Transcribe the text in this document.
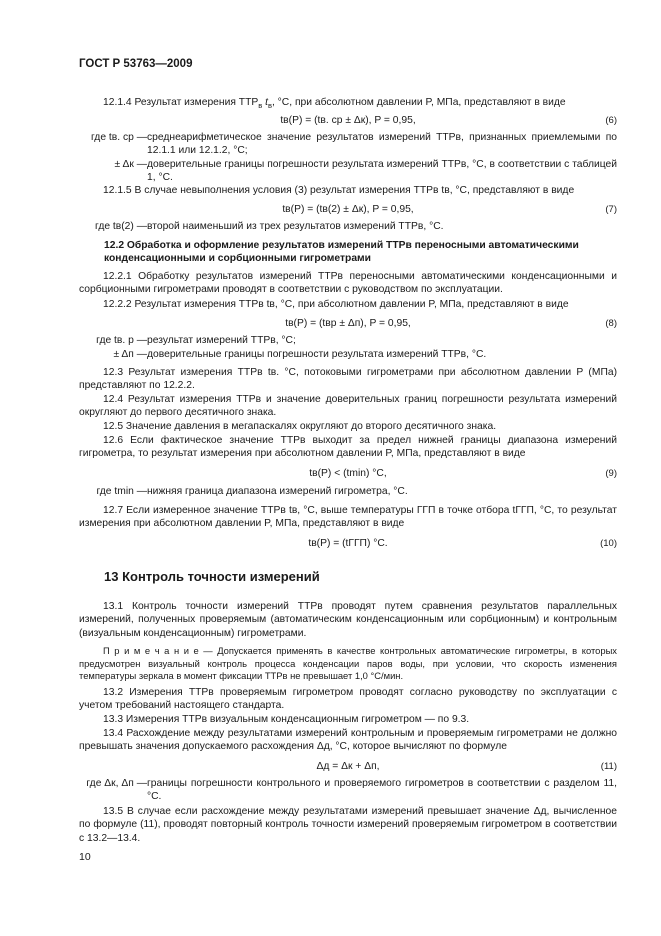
ГОСТ Р 53763—2009
12.1.4 Результат измерения $ТТР_в$ $t_в$, °С, при абсолютном давлении P, МПа, представляют в виде
tв(P) = (tв. ср ± Δк), P = 0,95,	(6)
где tв. ср — среднеарифметическое значение результатов измерений ТТРв, признанных приемлемыми по 12.1.1 или 12.1.2, °С;
± Δк — доверительные границы погрешности результата измерений ТТРв, °С, в соответствии с таблицей 1, °С.
12.1.5 В случае невыполнения условия (3) результат измерения ТТРв tв, °С, представляют в виде
tв(P) = (tв(2) ± Δк), P = 0,95,	(7)
где tв(2) — второй наименьший из трех результатов измерений ТТРв, °С.
12.2 Обработка и оформление результатов измерений ТТРв переносными автоматическими конденсационными и сорбционными гигрометрами
12.2.1 Обработку результатов измерений ТТРв переносными автоматическими конденсационными и сорбционными гигрометрами проводят в соответствии с руководством по эксплуатации.
12.2.2 Результат измерения ТТРв tв, °С, при абсолютном давлении P, МПа, представляют в виде
tв(P) = (tвр ± Δп), P = 0,95,	(8)
где tв. р — результат измерений ТТРв, °С;
± Δп — доверительные границы погрешности результата измерений ТТРв, °С.
12.3 Результат измерения ТТРв tв. °С, потоковыми гигрометрами при абсолютном давлении P (МПа) представляют по 12.2.2.
12.4 Результат измерения ТТРв и значение доверительных границ погрешности результата измерений округляют до первого десятичного знака.
12.5 Значение давления в мегапаскалях округляют до второго десятичного знака.
12.6 Если фактическое значение ТТРв выходит за предел нижней границы диапазона измерений гигрометра, то результат измерения при абсолютном давлении P, МПа, представляют в виде
tв(P) < (tmin) °С,	(9)
где tmin — нижняя граница диапазона измерений гигрометра, °С.
12.7 Если измеренное значение ТТРв tв, °С, выше температуры ГГП в точке отбора tГГП, °С, то результат измерения при абсолютном давлении P, МПа, представляют в виде
tв(P) = (tГГП) °С.	(10)
13 Контроль точности измерений
13.1 Контроль точности измерений ТТРв проводят путем сравнения результатов параллельных измерений, полученных проверяемым (автоматическим конденсационным или сорбционным) и контрольным (визуальным конденсационным) гигрометрами.
П р и м е ч а н и е — Допускается применять в качестве контрольных автоматические гигрометры, в которых предусмотрен визуальный контроль процесса конденсации паров воды, при условии, что скорость изменения температуры зеркала в момент фиксации ТТРв не превышает 1,0 °С/мин.
13.2 Измерения ТТРв проверяемым гигрометром проводят согласно руководству по эксплуатации с учетом требований настоящего стандарта.
13.3 Измерения ТТРв визуальным конденсационным гигрометром — по 9.3.
13.4 Расхождение между результатами измерений контрольным и проверяемым гигрометрами не должно превышать значения допускаемого расхождения Δд, °С, которое вычисляют по формуле
Δд = Δк + Δп,	(11)
где Δк, Δп — границы погрешности контрольного и проверяемого гигрометров в соответствии с разделом 11, °С.
13.5 В случае если расхождение между результатами измерений превышает значение Δд, вычисленное по формуле (11), проводят повторный контроль точности измерений проверяемым гигрометром в соответствии с 13.2—13.4.
10
